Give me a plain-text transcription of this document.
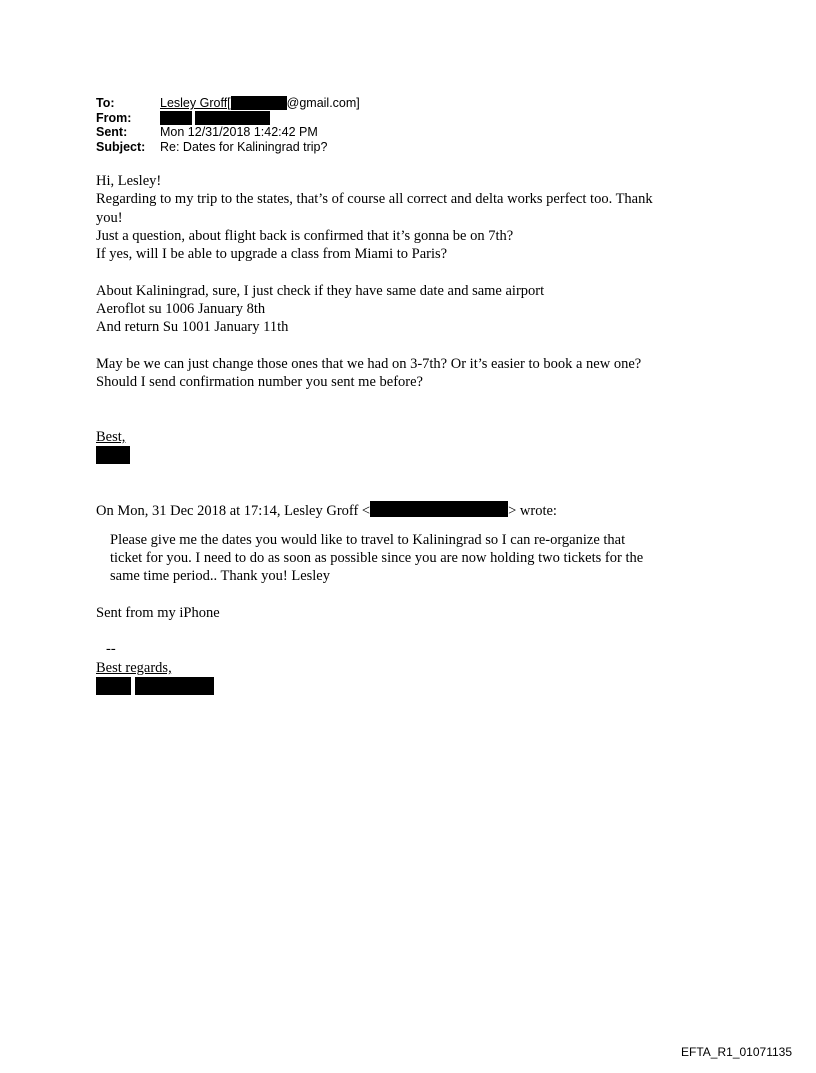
To:	Lesley Groff[	@gmail.com]
From:
Sent:	Mon 12/31/2018 1:42:42 PM
Subject:	Re: Dates for Kaliningrad trip?

Hi, Lesley!

Regarding to my trip to the states, that’s of course all correct and delta works perfect too. Thank

you!

Just a question, about flight back is confirmed that it’s gonna be on 7th?

If yes, will I be able to upgrade a class from Miami to Paris?

About Kaliningrad, sure, I just check if they have same date and same airport

Aeroflot su 1006 January 8th

And return Su 1001 January 11th

May be we can just change those ones that we had on 3-7th? Or it’s easier to book a new one?

Should I send confirmation number you sent me before?

Best,

On Mon, 31 Dec 2018 at 17:14, Lesley Groff <	> wrote:

Please give me the dates you would like to travel to Kaliningrad so I can re-organize that

ticket for you. I need to do as soon as possible since you are now holding two tickets for the

same time period.. Thank you! Lesley

Sent from my iPhone

--

Best regards,

EFTA_R1_01071135
